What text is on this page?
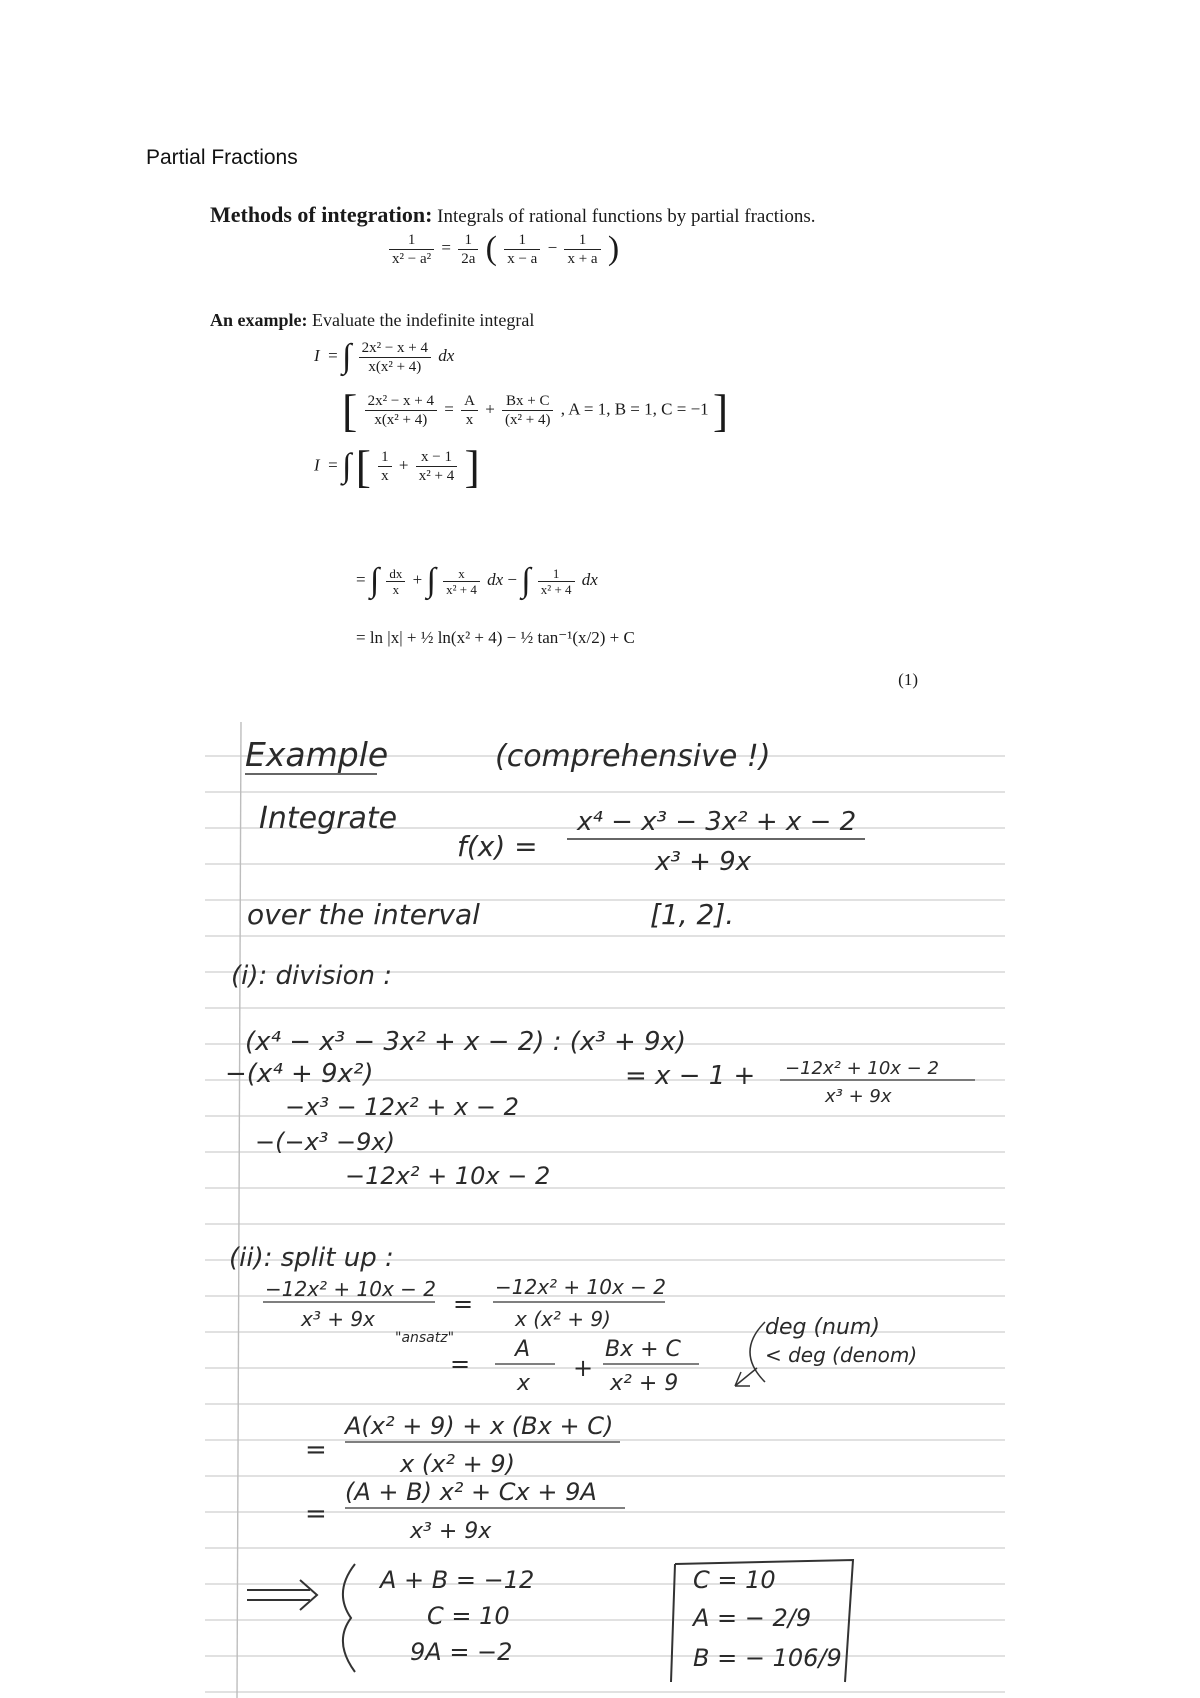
Partial Fractions
Methods of integration: Integrals of rational functions by partial fractions.
$\frac{1}{\text{x² − a²}} = \frac{1}{2a}$ ( $\frac{1}{x - a} - \frac{1}{x + a}$ )
An example: Evaluate the indefinite integral
I  = ∫ $\frac{\text{2x² − x + 4}}{\text{x(x² + 4)}}$ dx
[ $\frac{\text{2x² − x + 4}}{\text{x(x² + 4)}} = \frac{A}{x} + \frac{Bx + C}{\text{(x² + 4)}}$ , A = 1, B = 1, C = −1 ]
I  = ∫ [ $\frac{1}{x} + \frac{x - 1}{\text{x² + 4}}$ ]
= ∫ $\frac{dx}{x}$ + ∫ $\frac{x}{\text{x² + 4}}$ dx − ∫ $\frac{1}{\text{x² + 4}}$ dx
= ln |x| + ½ ln(x² + 4) − ½ tan⁻¹(x/2) + C
(1)
Example	(comprehensive !)
Integrate
f(x) =
x⁴ − x³ − 3x² + x − 2
x³ + 9x
over the interval	[1, 2].
(i): division :
(x⁴ − x³ − 3x² + x − 2) : (x³ + 9x)
−(x⁴ + 9x²)	= x − 1 + −12x² + 10x − 2
x³ + 9x
−x³ − 12x² + x − 2
−(−x³ −9x)
−12x² + 10x − 2
(ii): split up :
−12x² + 10x − 2
x³ + 9x
=
−12x² + 10x − 2
x (x² + 9)
"ansatz"
=
A
x
+
Bx + C
x² + 9
deg (num)
< deg (denom)
=
A(x² + 9) + x (Bx + C)
x (x² + 9)
=
(A + B) x² + Cx + 9A
x³ + 9x
A + B = −12
C = 10
9A = −2
C = 10
A = − 2/9
B = − 106/9
